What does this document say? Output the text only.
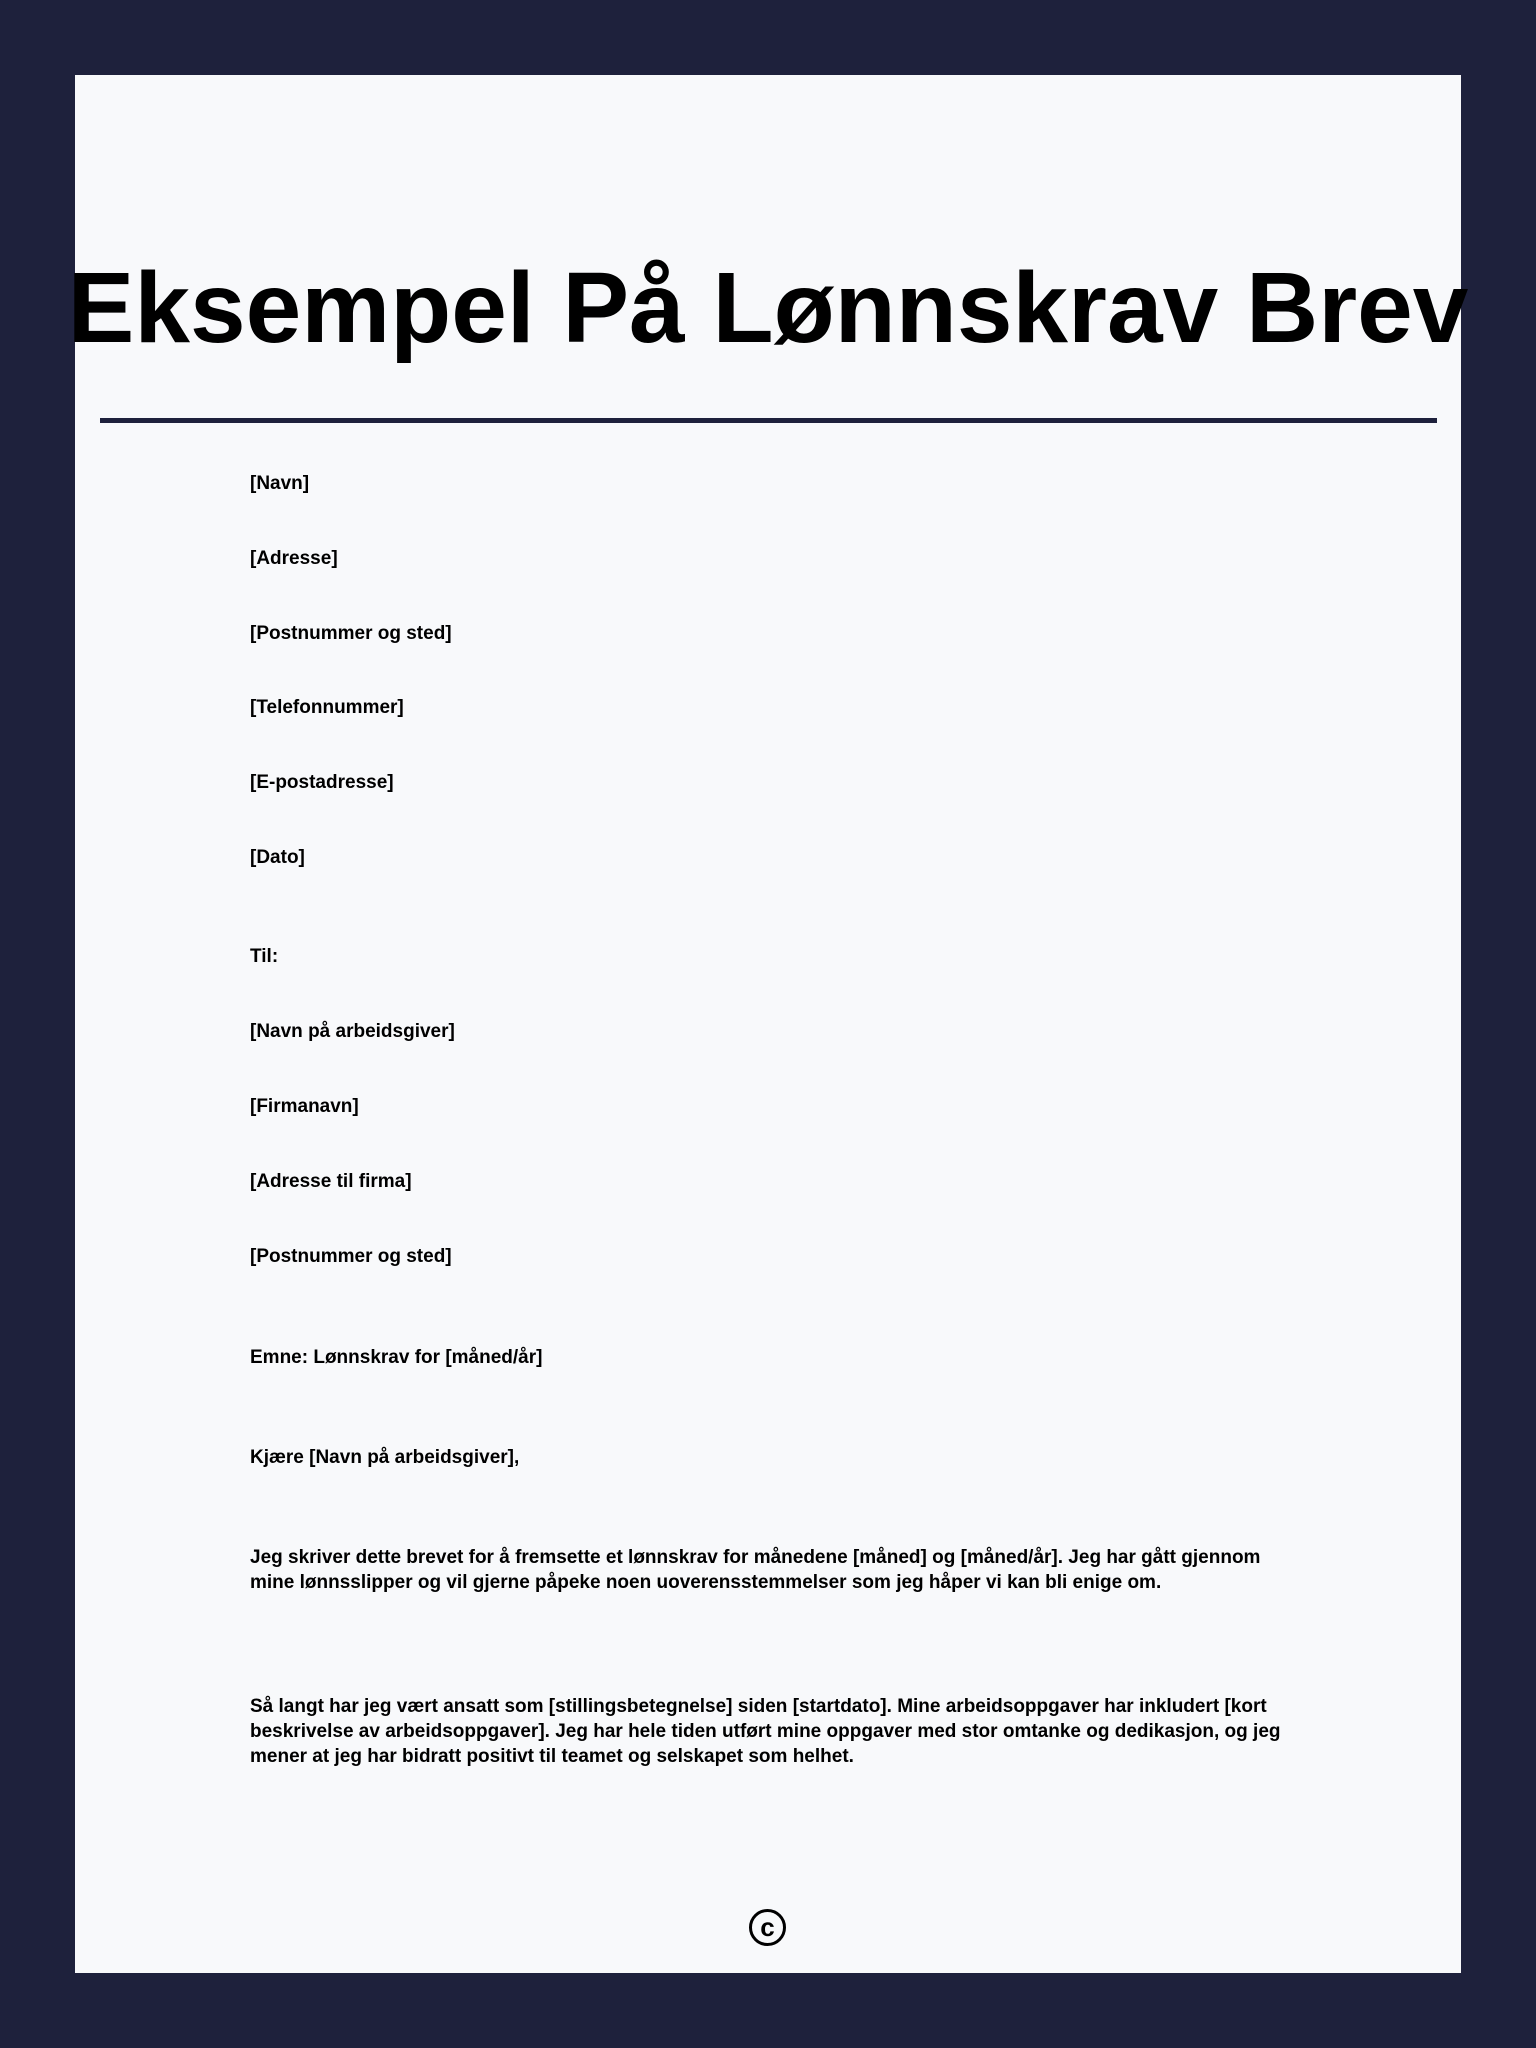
Eksempel På Lønnskrav Brev

[Navn]

[Adresse]

[Postnummer og sted]

[Telefonnummer]

[E-postadresse]

[Dato]

Til:

[Navn på arbeidsgiver]

[Firmanavn]

[Adresse til firma]

[Postnummer og sted]

Emne: Lønnskrav for [måned/år]

Kjære [Navn på arbeidsgiver],

Jeg skriver dette brevet for å fremsette et lønnskrav for månedene [måned] og [måned/år]. Jeg har gått gjennom mine lønnsslipper og vil gjerne påpeke noen uoverensstemmelser som jeg håper vi kan bli enige om.

Så langt har jeg vært ansatt som [stillingsbetegnelse] siden [startdato]. Mine arbeidsoppgaver har inkludert [kort beskrivelse av arbeidsoppgaver]. Jeg har hele tiden utført mine oppgaver med stor omtanke og dedikasjon, og jeg mener at jeg har bidratt positivt til teamet og selskapet som helhet.

c
